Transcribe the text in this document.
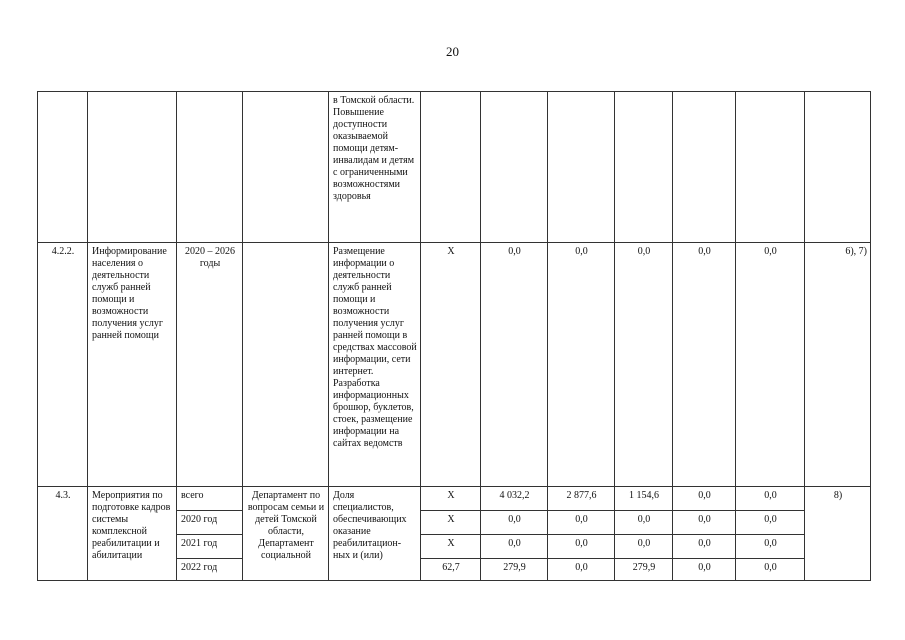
20
				в Томской области. Повышение доступности оказываемой помощи детям-инвалидам и детям с ограниченными возможностями здоровья							
4.2.2.	Информирование населения о деятельности служб ранней помощи и возможности получения услуг ранней помощи	2020 – 2026 годы		Размещение информации о деятельности служб ранней помощи и возможности получения услуг ранней помощи в средствах массовой информации, сети интернет. Разработка информационных брошюр, буклетов, стоек, размещение информации на сайтах ведомств	Х	0,0	0,0	0,0	0,0	0,0	6), 7)
4.3.	Мероприятия по подготовке кадров системы комплексной реабилитации и абилитации	всего	Департамент по вопросам семьи и детей Томской области, Департамент социальной	Доля специалистов, обеспечивающих оказание реабилитацион-ных и (или)	Х	4 032,2	2 877,6	1 154,6	0,0	0,0	8)
		2020 год			Х	0,0	0,0	0,0	0,0	0,0	
		2021 год			Х	0,0	0,0	0,0	0,0	0,0	
		2022 год			62,7	279,9	0,0	279,9	0,0	0,0	
